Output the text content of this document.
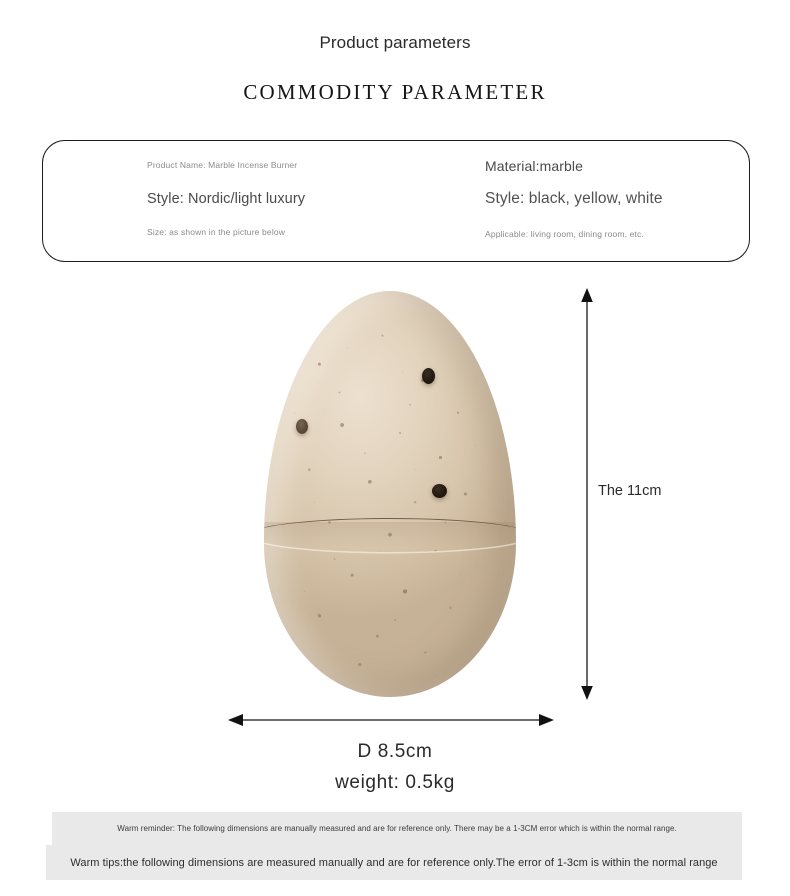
Product parameters
COMMODITY PARAMETER
Product Name: Marble Incense Burner
Style: Nordic/light luxury
Size: as shown in the picture below
Material:marble
Style: black, yellow, white
Applicable: living room, dining room, etc.
The 11cm
D 8.5cm
weight: 0.5kg
Warm reminder: The following dimensions are manually measured and are for reference only. There may be a 1-3CM error which is within the normal range.
Warm tips:the following dimensions are measured manually and are for reference only.The error of 1-3cm is within the normal range
